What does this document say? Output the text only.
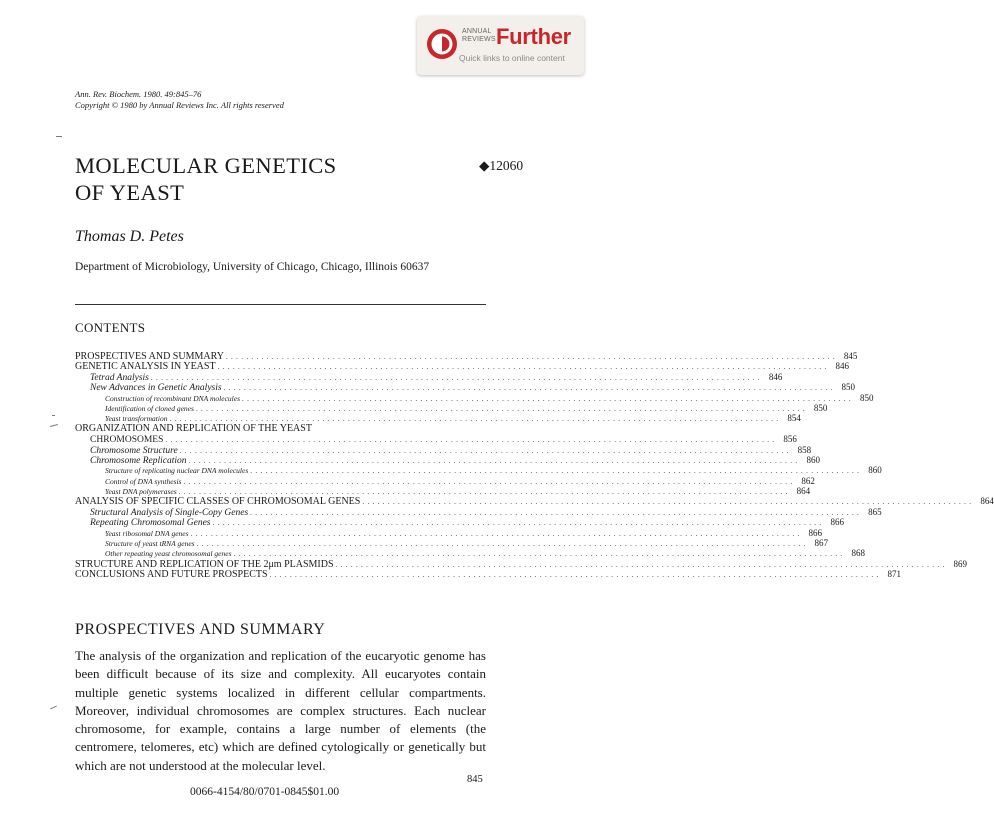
ANNUAL
REVIEWS Further
Quick links to online content
Ann. Rev. Biochem. 1980. 49:845–76
Copyright © 1980 by Annual Reviews Inc. All rights reserved
MOLECULAR GENETICS
OF YEAST
◆12060
Thomas D. Petes
Department of Microbiology, University of Chicago, Chicago, Illinois 60637
CONTENTS
PROSPECTIVES AND SUMMARY . . . . . . . . . . . . . . . . . . . . . . . . . . . . . . . . . . . . . . . . . . . . . . . . . . . . . . . . . . . . . . . . . . . . . . . . . . . . . . . . . . . . . . . . . . . . . . . . . . . . . . . . . . . . . . . . . . . . . . . . 845
GENETIC ANALYSIS IN YEAST . . . . . . . . . . . . . . . . . . . . . . . . . . . . . . . . . . . . . . . . . . . . . . . . . . . . . . . . . . . . . . . . . . . . . . . . . . . . . . . . . . . . . . . . . . . . . . . . . . . . . . . . . . . . . . . . . . . . . . . . 846
Tetrad Analysis . . . . . . . . . . . . . . . . . . . . . . . . . . . . . . . . . . . . . . . . . . . . . . . . . . . . . . . . . . . . . . . . . . . . . . . . . . . . . . . . . . . . . . . . . . . . . . . . . . . . . . . . . . . . . . . . . . . . . . . . 846
New Advances in Genetic Analysis . . . . . . . . . . . . . . . . . . . . . . . . . . . . . . . . . . . . . . . . . . . . . . . . . . . . . . . . . . . . . . . . . . . . . . . . . . . . . . . . . . . . . . . . . . . . . . . . . . . . . . . . . . . . . . . . . . . . . . . . 850
Construction of recombinant DNA molecules . . . . . . . . . . . . . . . . . . . . . . . . . . . . . . . . . . . . . . . . . . . . . . . . . . . . . . . . . . . . . . . . . . . . . . . . . . . . . . . . . . . . . . . . . . . . . . . . . . . . . . . . . . . . . . . . . . . . . . . . 850
Identification of cloned genes . . . . . . . . . . . . . . . . . . . . . . . . . . . . . . . . . . . . . . . . . . . . . . . . . . . . . . . . . . . . . . . . . . . . . . . . . . . . . . . . . . . . . . . . . . . . . . . . . . . . . . . . . . . . . . . . . . . . . . . . 850
Yeast transformation . . . . . . . . . . . . . . . . . . . . . . . . . . . . . . . . . . . . . . . . . . . . . . . . . . . . . . . . . . . . . . . . . . . . . . . . . . . . . . . . . . . . . . . . . . . . . . . . . . . . . . . . . . . . . . . . . . . . . . . . 854
ORGANIZATION AND REPLICATION OF THE YEAST
CHROMOSOMES . . . . . . . . . . . . . . . . . . . . . . . . . . . . . . . . . . . . . . . . . . . . . . . . . . . . . . . . . . . . . . . . . . . . . . . . . . . . . . . . . . . . . . . . . . . . . . . . . . . . . . . . . . . . . . . . . . . . . . . . 856
Chromosome Structure . . . . . . . . . . . . . . . . . . . . . . . . . . . . . . . . . . . . . . . . . . . . . . . . . . . . . . . . . . . . . . . . . . . . . . . . . . . . . . . . . . . . . . . . . . . . . . . . . . . . . . . . . . . . . . . . . . . . . . . . 858
Chromosome Replication . . . . . . . . . . . . . . . . . . . . . . . . . . . . . . . . . . . . . . . . . . . . . . . . . . . . . . . . . . . . . . . . . . . . . . . . . . . . . . . . . . . . . . . . . . . . . . . . . . . . . . . . . . . . . . . . . . . . . . . . 860
Structure of replicating nuclear DNA molecules . . . . . . . . . . . . . . . . . . . . . . . . . . . . . . . . . . . . . . . . . . . . . . . . . . . . . . . . . . . . . . . . . . . . . . . . . . . . . . . . . . . . . . . . . . . . . . . . . . . . . . . . . . . . . . . . . . . . . . . . 860
Control of DNA synthesis . . . . . . . . . . . . . . . . . . . . . . . . . . . . . . . . . . . . . . . . . . . . . . . . . . . . . . . . . . . . . . . . . . . . . . . . . . . . . . . . . . . . . . . . . . . . . . . . . . . . . . . . . . . . . . . . . . . . . . . . 862
Yeast DNA polymerases . . . . . . . . . . . . . . . . . . . . . . . . . . . . . . . . . . . . . . . . . . . . . . . . . . . . . . . . . . . . . . . . . . . . . . . . . . . . . . . . . . . . . . . . . . . . . . . . . . . . . . . . . . . . . . . . . . . . . . . . 864
ANALYSIS OF SPECIFIC CLASSES OF CHROMOSOMAL GENES . . . . . . . . . . . . . . . . . . . . . . . . . . . . . . . . . . . . . . . . . . . . . . . . . . . . . . . . . . . . . . . . . . . . . . . . . . . . . . . . . . . . . . . . . . . . . . . . . . . . . . . . . . . . . . . . . . . . . . . . 864
Structural Analysis of Single-Copy Genes . . . . . . . . . . . . . . . . . . . . . . . . . . . . . . . . . . . . . . . . . . . . . . . . . . . . . . . . . . . . . . . . . . . . . . . . . . . . . . . . . . . . . . . . . . . . . . . . . . . . . . . . . . . . . . . . . . . . . . . . 865
Repeating Chromosomal Genes . . . . . . . . . . . . . . . . . . . . . . . . . . . . . . . . . . . . . . . . . . . . . . . . . . . . . . . . . . . . . . . . . . . . . . . . . . . . . . . . . . . . . . . . . . . . . . . . . . . . . . . . . . . . . . . . . . . . . . . . 866
Yeast ribosomal DNA genes . . . . . . . . . . . . . . . . . . . . . . . . . . . . . . . . . . . . . . . . . . . . . . . . . . . . . . . . . . . . . . . . . . . . . . . . . . . . . . . . . . . . . . . . . . . . . . . . . . . . . . . . . . . . . . . . . . . . . . . . 866
Structure of yeast tRNA genes . . . . . . . . . . . . . . . . . . . . . . . . . . . . . . . . . . . . . . . . . . . . . . . . . . . . . . . . . . . . . . . . . . . . . . . . . . . . . . . . . . . . . . . . . . . . . . . . . . . . . . . . . . . . . . . . . . . . . . . . 867
Other repeating yeast chromosomal genes . . . . . . . . . . . . . . . . . . . . . . . . . . . . . . . . . . . . . . . . . . . . . . . . . . . . . . . . . . . . . . . . . . . . . . . . . . . . . . . . . . . . . . . . . . . . . . . . . . . . . . . . . . . . . . . . . . . . . . . . 868
STRUCTURE AND REPLICATION OF THE 2μm PLASMIDS . . . . . . . . . . . . . . . . . . . . . . . . . . . . . . . . . . . . . . . . . . . . . . . . . . . . . . . . . . . . . . . . . . . . . . . . . . . . . . . . . . . . . . . . . . . . . . . . . . . . . . . . . . . . . . . . . . . . . . . . 869
CONCLUSIONS AND FUTURE PROSPECTS . . . . . . . . . . . . . . . . . . . . . . . . . . . . . . . . . . . . . . . . . . . . . . . . . . . . . . . . . . . . . . . . . . . . . . . . . . . . . . . . . . . . . . . . . . . . . . . . . . . . . . . . . . . . . . . . . . . . . . . . 871
PROSPECTIVES AND SUMMARY
The analysis of the organization and replication of the eucaryotic genome has been difficult because of its size and complexity. All eucaryotes contain multiple genetic systems localized in different cellular compartments. Moreover, individual chromosomes are complex structures. Each nuclear chromosome, for example, contains a large number of elements (the centromere, telomeres, etc) which are defined cytologically or genetically but which are not understood at the molecular level.
845
0066-4154/80/0701-0845$01.00
